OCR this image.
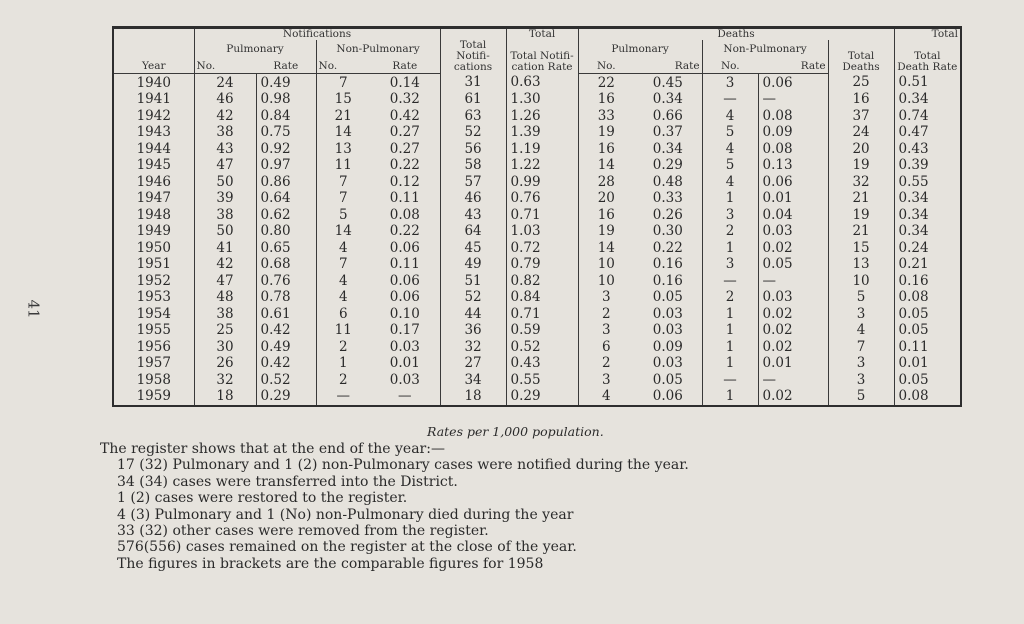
41
	Notifications					Total	Deaths					Total
	Pulmonary		Non-Pulmonary		Total Notifi- cations	Total Notifi- cation Rate	Pulmonary		Non-Pulmonary		Total Deaths	Total Death Rate
Year	No.	Rate	No.	Rate			No.	Rate	No.	Rate		
1940	24	0.49	7	0.14	31	0.63	22	0.45	3	0.06	25	0.51
1941	46	0.98	15	0.32	61	1.30	16	0.34	—	—	16	0.34
1942	42	0.84	21	0.42	63	1.26	33	0.66	4	0.08	37	0.74
1943	38	0.75	14	0.27	52	1.39	19	0.37	5	0.09	24	0.47
1944	43	0.92	13	0.27	56	1.19	16	0.34	4	0.08	20	0.43
1945	47	0.97	11	0.22	58	1.22	14	0.29	5	0.13	19	0.39
1946	50	0.86	7	0.12	57	0.99	28	0.48	4	0.06	32	0.55
1947	39	0.64	7	0.11	46	0.76	20	0.33	1	0.01	21	0.34
1948	38	0.62	5	0.08	43	0.71	16	0.26	3	0.04	19	0.34
1949	50	0.80	14	0.22	64	1.03	19	0.30	2	0.03	21	0.34
1950	41	0.65	4	0.06	45	0.72	14	0.22	1	0.02	15	0.24
1951	42	0.68	7	0.11	49	0.79	10	0.16	3	0.05	13	0.21
1952	47	0.76	4	0.06	51	0.82	10	0.16	—	—	10	0.16
1953	48	0.78	4	0.06	52	0.84	3	0.05	2	0.03	5	0.08
1954	38	0.61	6	0.10	44	0.71	2	0.03	1	0.02	3	0.05
1955	25	0.42	11	0.17	36	0.59	3	0.03	1	0.02	4	0.05
1956	30	0.49	2	0.03	32	0.52	6	0.09	1	0.02	7	0.11
1957	26	0.42	1	0.01	27	0.43	2	0.03	1	0.01	3	0.01
1958	32	0.52	2	0.03	34	0.55	3	0.05	—	—	3	0.05
1959	18	0.29	—	—	18	0.29	4	0.06	1	0.02	5	0.08
Rates per 1,000 population.
The register shows that at the end of the year:—
17 (32) Pulmonary and 1 (2) non-Pulmonary cases were notified during the year.
34 (34) cases were transferred into the District.
1 (2) cases were restored to the register.
4 (3) Pulmonary and 1 (No) non-Pulmonary died during the year
33 (32) other cases were removed from the register.
576(556) cases remained on the register at the close of the year.
The figures in brackets are the comparable figures for 1958
